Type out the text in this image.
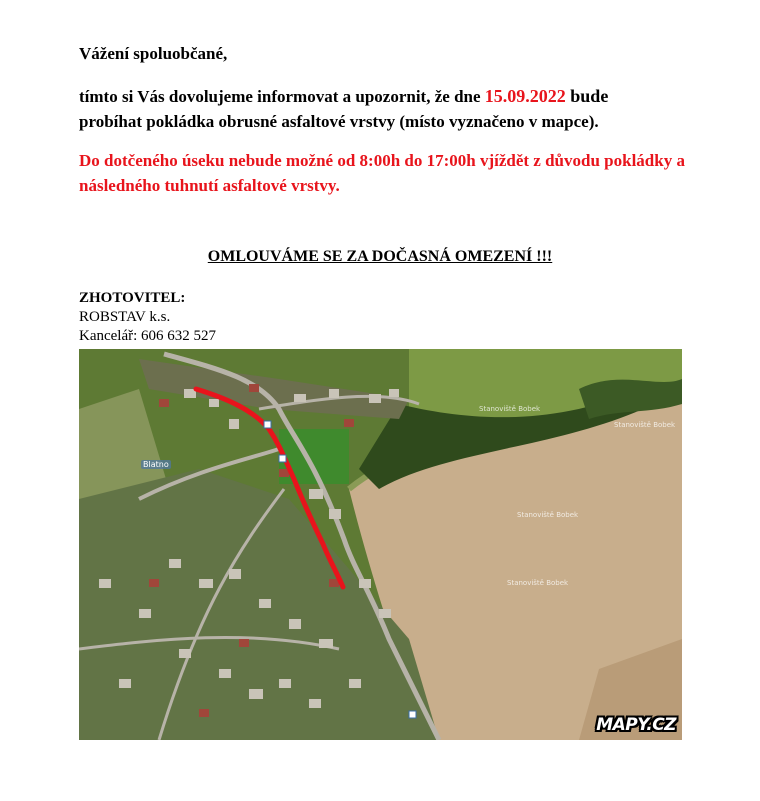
Vážení spoluobčané,

tímto si Vás dovolujeme informovat a upozornit, že dne 15.09.2022 bude
probíhat pokládka obrusné asfaltové vrstvy (místo vyznačeno v mapce).

Do dotčeného úseku nebude možné od 8:00h do 17:00h vjíždět z důvodu pokládky a následného tuhnutí asfaltové vrstvy.

OMLOUVÁME SE ZA DOČASNÁ OMEZENÍ !!!
ZHOTOVITEL:
ROBSTAV k.s.
Kancelář: 606 632 527
Blatno
Stanoviště Bobek
Stanoviště Bobek
Stanoviště Bobek
Stanoviště Bobek
MAPY.CZ
